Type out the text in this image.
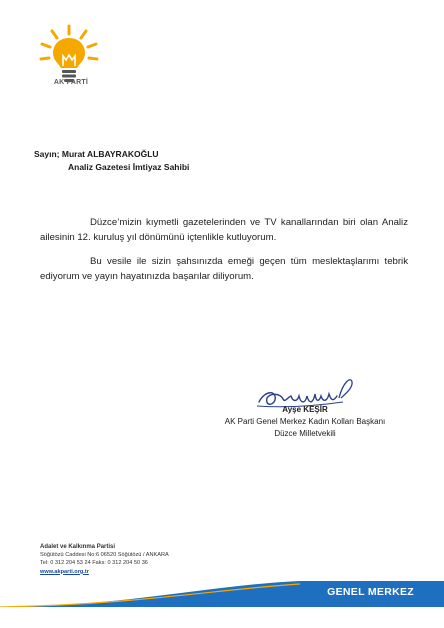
AK PARTİ
Sayın; Murat ALBAYRAKOĞLU
Analiz Gazetesi İmtiyaz Sahibi

Düzce’mizin kıymetli gazetelerinden ve TV kanallarından biri olan Analiz ailesinin 12. kuruluş yıl dönümünü içtenlikle kutluyorum.

Bu vesile ile sizin şahsınızda emeği geçen tüm meslektaşlarımı tebrik ediyorum ve yayın hayatınızda başarılar diliyorum.

Ayşe KEŞİR
AK Parti Genel Merkez Kadın Kolları Başkanı
Düzce Milletvekili
Adalet ve Kalkınma Partisi
Söğütözü Caddesi No:6 06520 Söğütözü / ANKARA
Tel: 0 312 204 53 24 Faks: 0 312 204 50 36
www.akparti.org.tr
GENEL MERKEZ
